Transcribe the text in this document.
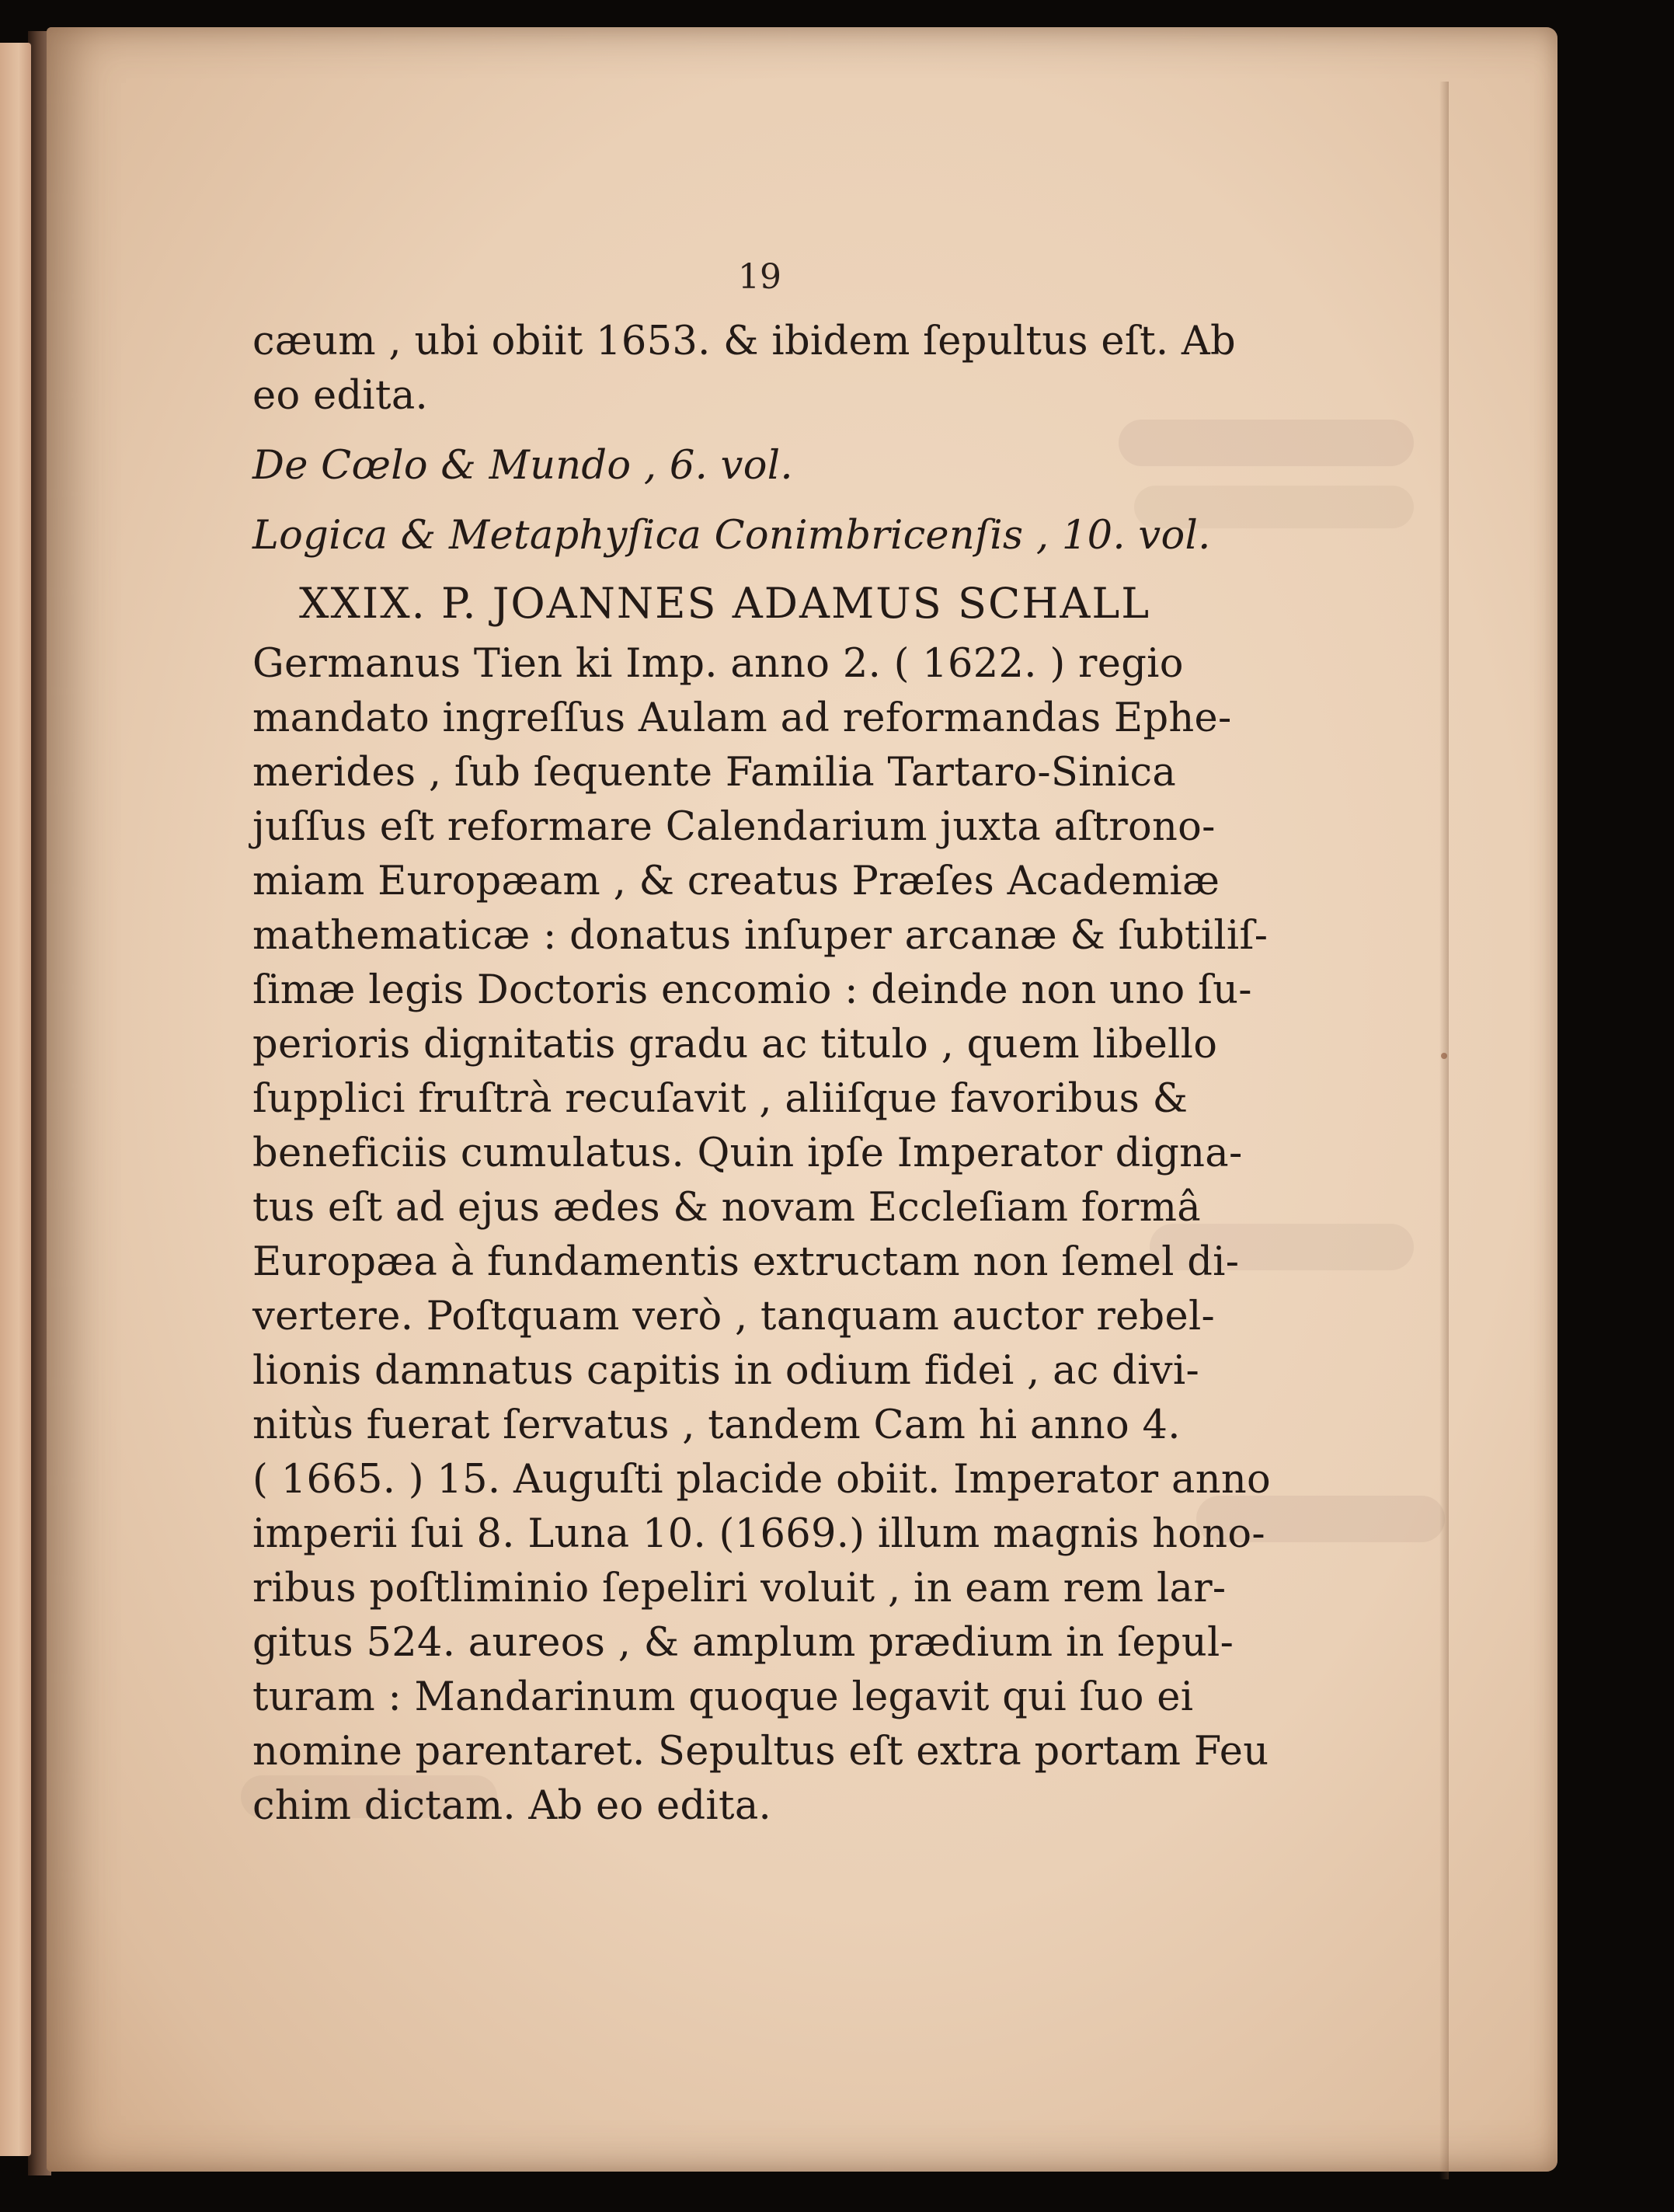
19
cæum , ubi obiit 1653. & ibidem ſepultus eſt. Ab
eo edita.
De Cœlo & Mundo , 6. vol.
Logica & Metaphyſica Conimbricenſis , 10. vol.
XXIX. P. JOANNES ADAMUS SCHALL
Germanus Tien ki Imp. anno 2. ( 1622. ) regio
mandato ingreſſus Aulam ad reformandas Ephe-
merides , ſub ſequente Familia Tartaro-Sinica
juſſus eſt reformare Calendarium juxta aſtrono-
miam Europæam , & creatus Præſes Academiæ
mathematicæ : donatus inſuper arcanæ & ſubtiliſ-
ſimæ legis Doctoris encomio : deinde non uno ſu-
perioris dignitatis gradu ac titulo , quem libello
ſupplici fruſtrà recuſavit , aliiſque favoribus &
beneficiis cumulatus. Quin ipſe Imperator digna-
tus eſt ad ejus ædes & novam Eccleſiam formâ
Europæa à fundamentis extructam non ſemel di-
vertere. Poſtquam verò , tanquam auctor rebel-
lionis damnatus capitis in odium fidei , ac divi-
nitùs fuerat ſervatus , tandem Cam hi anno 4.
( 1665. ) 15. Auguſti placide obiit. Imperator anno
imperii ſui 8. Luna 10. (1669.) illum magnis hono-
ribus poſtliminio ſepeliri voluit , in eam rem lar-
gitus 524. aureos , & amplum prædium in ſepul-
turam : Mandarinum quoque legavit qui ſuo ei
nomine parentaret. Sepultus eſt extra portam Feu
chim dictam. Ab eo edita.
